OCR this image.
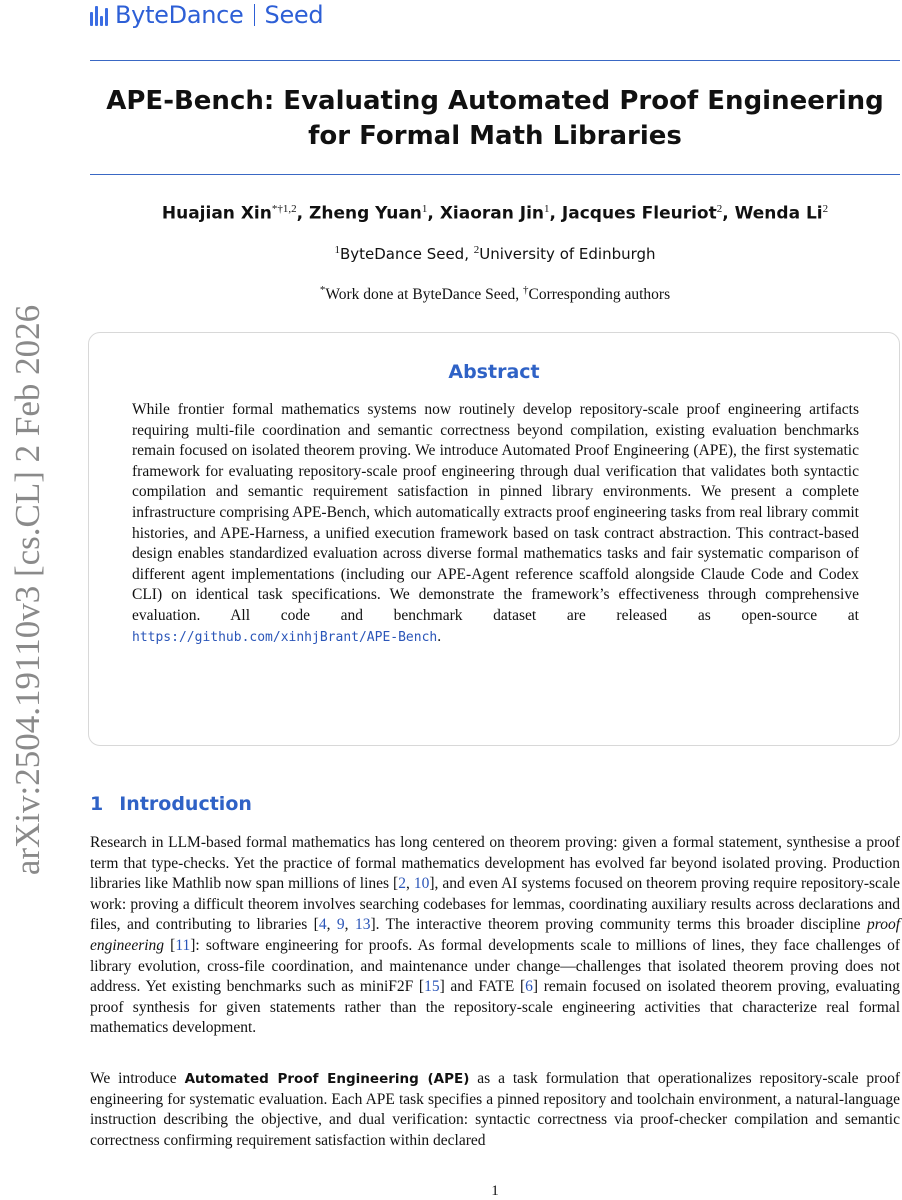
ByteDance Seed
APE-Bench: Evaluating Automated Proof Engineering
for Formal Math Libraries
Huajian Xin$^{*\dagger 1,2}$, Zheng Yuan$^1$, Xiaoran Jin$^1$, Jacques Fleuriot$^2$, Wenda Li$^2$
$^1$ByteDance Seed, $^2$University of Edinburgh
*Work done at ByteDance Seed, †Corresponding authors
Abstract
While frontier formal mathematics systems now routinely develop repository-scale proof engineering artifacts requiring multi-file coordination and semantic correctness beyond compilation, existing evaluation benchmarks remain focused on isolated theorem proving. We introduce Automated Proof Engineering (APE), the first systematic framework for evaluating repository-scale proof engineering through dual verification that validates both syntactic compilation and semantic requirement satisfaction in pinned library environments. We present a complete infrastructure comprising APE-Bench, which automatically extracts proof engineering tasks from real library commit histories, and APE-Harness, a unified execution framework based on task contract abstraction. This contract-based design enables standardized evaluation across diverse formal mathematics tasks and fair systematic comparison of different agent implementations (including our APE-Agent reference scaffold alongside Claude Code and Codex CLI) on identical task specifications. We demonstrate the framework’s effectiveness through comprehensive evaluation. All code and benchmark dataset are released as open-source at https://github.com/xinhjBrant/APE-Bench.
1 Introduction
Research in LLM-based formal mathematics has long centered on theorem proving: given a formal statement, synthesise a proof term that type-checks. Yet the practice of formal mathematics development has evolved far beyond isolated proving. Production libraries like Mathlib now span millions of lines [2, 10], and even AI systems focused on theorem proving require repository-scale work: proving a difficult theorem involves searching codebases for lemmas, coordinating auxiliary results across declarations and files, and contributing to libraries [4, 9, 13]. The interactive theorem proving community terms this broader discipline proof engineering [11]: software engineering for proofs. As formal developments scale to millions of lines, they face challenges of library evolution, cross-file coordination, and maintenance under change—challenges that isolated theorem proving does not address. Yet existing benchmarks such as miniF2F [15] and FATE [6] remain focused on isolated theorem proving, evaluating proof synthesis for given statements rather than the repository-scale engineering activities that characterize real formal mathematics development.
We introduce Automated Proof Engineering (APE) as a task formulation that operationalizes repository-scale proof engineering for systematic evaluation. Each APE task specifies a pinned repository and toolchain environment, a natural-language instruction describing the objective, and dual verification: syntactic correctness via proof-checker compilation and semantic correctness confirming requirement satisfaction within declared
1
arXiv:2504.19110v3 [cs.CL] 2 Feb 2026
